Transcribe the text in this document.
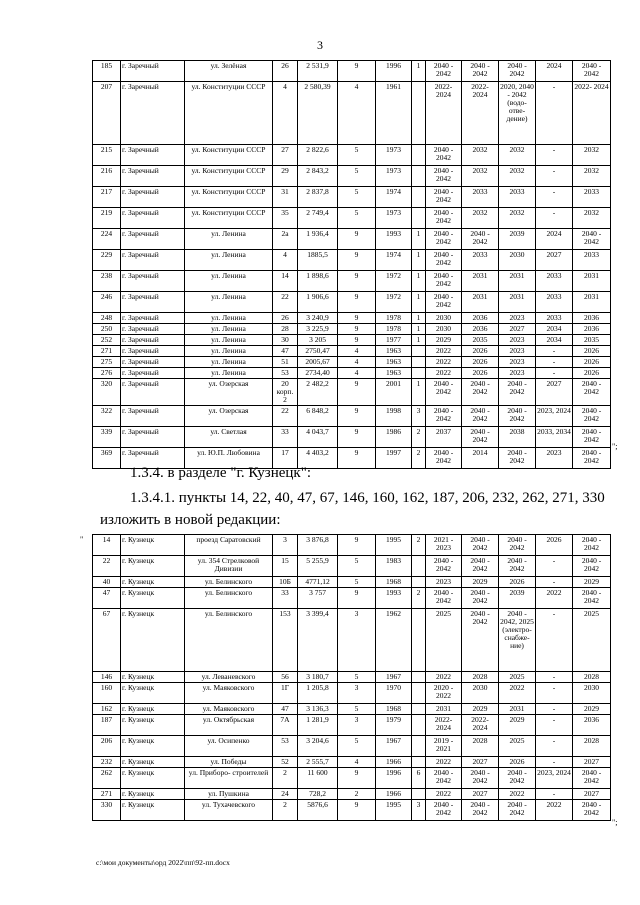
3
185	г. Заречный	ул. Зелёная	26	2 531,9	9	1996	1	2040 - 2042	2040 - 2042	2040 - 2042	2024	2040 - 2042
207	г. Заречный	ул. Конституции СССР	4	2 580,39	4	1961		2022- 2024	2022- 2024	2020, 2040 - 2042 (водо- отве- дение)	-	2022- 2024
215	г. Заречный	ул. Конституции СССР	27	2 822,6	5	1973		2040 - 2042	2032	2032	-	2032
216	г. Заречный	ул. Конституции СССР	29	2 843,2	5	1973		2040 - 2042	2032	2032	-	2032
217	г. Заречный	ул. Конституции СССР	31	2 837,8	5	1974		2040 - 2042	2033	2033	-	2033
219	г. Заречный	ул. Конституции СССР	35	2 749,4	5	1973		2040 - 2042	2032	2032	-	2032
224	г. Заречный	ул. Ленина	2а	1 936,4	9	1993	1	2040 - 2042	2040 - 2042	2039	2024	2040 - 2042
229	г. Заречный	ул. Ленина	4	1885,5	9	1974	1	2040 - 2042	2033	2030	2027	2033
238	г. Заречный	ул. Ленина	14	1 898,6	9	1972	1	2040 - 2042	2031	2031	2033	2031
246	г. Заречный	ул. Ленина	22	1 906,6	9	1972	1	2040 - 2042	2031	2031	2033	2031
248	г. Заречный	ул. Ленина	26	3 240,9	9	1978	1	2030	2036	2023	2033	2036
250	г. Заречный	ул. Ленина	28	3 225,9	9	1978	1	2030	2036	2027	2034	2036
252	г. Заречный	ул. Ленина	30	3 205	9	1977	1	2029	2035	2023	2034	2035
271	г. Заречный	ул. Ленина	47	2750,47	4	1963		2022	2026	2023	-	2026
275	г. Заречный	ул. Ленина	51	2005,67	4	1963		2022	2026	2023	-	2026
276	г. Заречный	ул. Ленина	53	2734,40	4	1963		2022	2026	2023	-	2026
320	г. Заречный	ул. Озерская	20 корп. 2	2 482,2	9	2001	1	2040 - 2042	2040 - 2042	2040 - 2042	2027	2040 - 2042
322	г. Заречный	ул. Озерская	22	6 848,2	9	1998	3	2040 - 2042	2040 - 2042	2040 - 2042	2023, 2024	2040 - 2042
339	г. Заречный	ул. Светлая	33	4 043,7	9	1986	2	2037	2040 - 2042	2038	2033, 2034	2040 - 2042
369	г. Заречный	ул. Ю.П. Любовина	17	4 403,2	9	1997	2	2040 - 2042	2014	2040 - 2042	2023	2040 - 2042
";
1.3.4. в разделе "г. Кузнецк":
1.3.4.1. пункты 14, 22, 40, 47, 67, 146, 160, 162, 187, 206, 232, 262, 271, 330
изложить в новой редакции:
"	14	г. Кузнецк	проезд Саратовский	3	3 876,8	9	1995	2	2021 - 2023	2040 - 2042	2040 - 2042	2026	2040 - 2042
22	г. Кузнецк	ул. 354 Стрелковой Дивизии	15	5 255,9	5	1983		2040 - 2042	2040 - 2042	2040 - 2042	-	2040 - 2042
40	г. Кузнецк	ул. Белинского	10Б	4771,12	5	1968		2023	2029	2026	-	2029
47	г. Кузнецк	ул. Белинского	33	3 757	9	1993	2	2040 - 2042	2040 - 2042	2039	2022	2040 - 2042
67	г. Кузнецк	ул. Белинского	153	3 399,4	3	1962		2025	2040 - 2042	2040 - 2042, 2025 (электро- снабже- ние)	-	2025
146	г. Кузнецк	ул. Леваневского	56	3 180,7	5	1967		2022	2028	2025	-	2028
160	г. Кузнецк	ул. Маяковского	1Г	1 205,8	3	1970		2020 - 2022	2030	2022	-	2030
162	г. Кузнецк	ул. Маяковского	47	3 136,3	5	1968		2031	2029	2031	-	2029
187	г. Кузнецк	ул. Октябрьская	7А	1 281,9	3	1979		2022- 2024	2022- 2024	2029	-	2036
206	г. Кузнецк	ул. Осипенко	53	3 204,6	5	1967		2019 - 2021	2028	2025	-	2028
232	г. Кузнецк	ул. Победы	52	2 555,7	4	1966		2022	2027	2026	-	2027
262	г. Кузнецк	ул. Приборо- строителей	2	11 600	9	1996	6	2040 - 2042	2040 - 2042	2040 - 2042	2023, 2024	2040 - 2042
271	г. Кузнецк	ул. Пушкина	24	728,2	2	1966		2022	2027	2022	-	2027
330	г. Кузнецк	ул. Тухачевского	2	5876,6	9	1995	3	2040 - 2042	2040 - 2042	2040 - 2042	2022	2040 - 2042
";
c:\мои документы\орд 2022\пп\92-пп.docx
